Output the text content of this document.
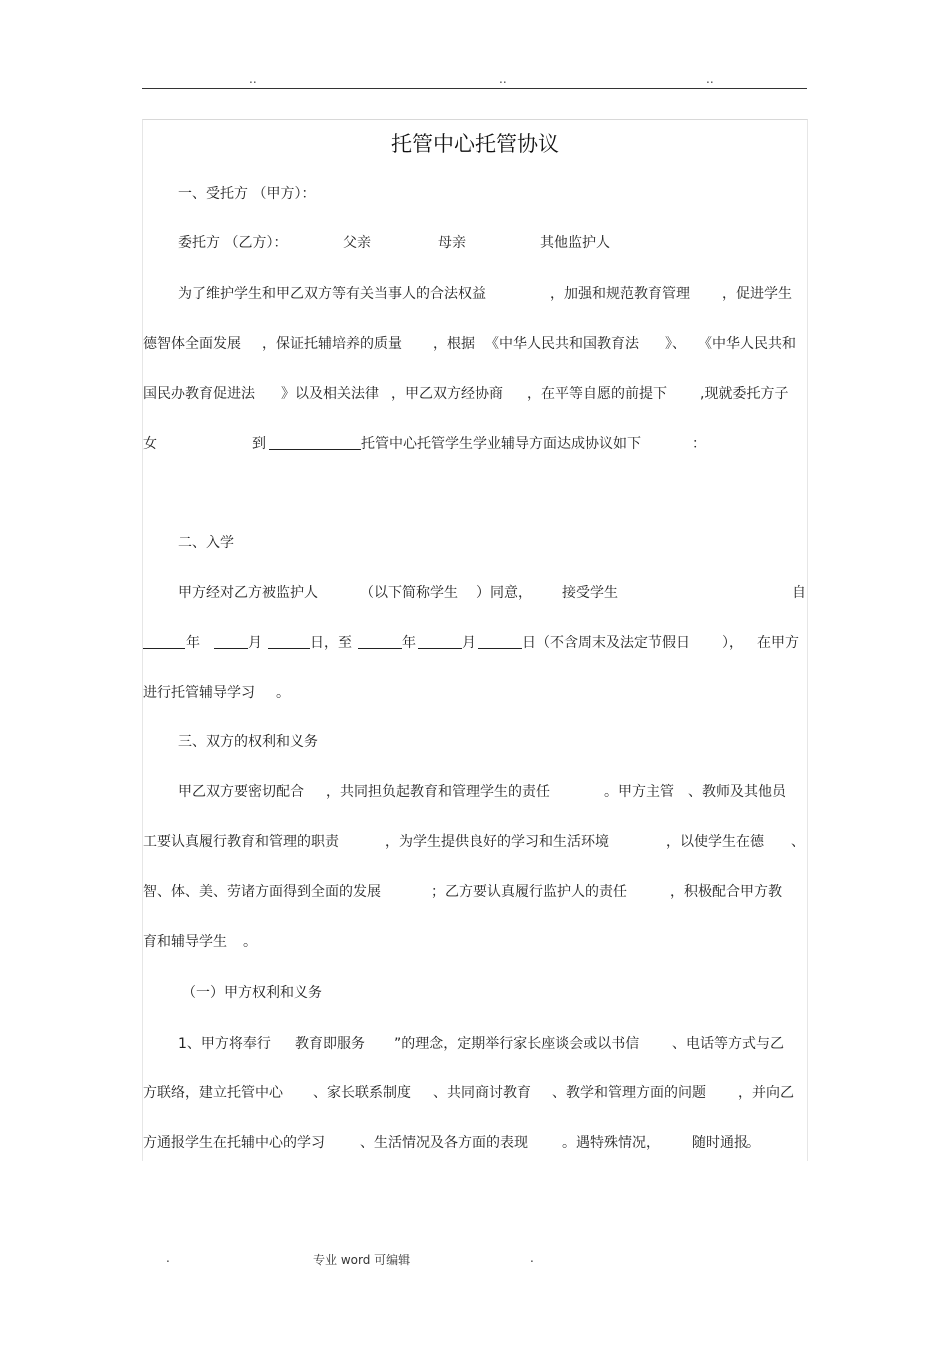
..	..	..
托管中心托管协议
一、受托方 （甲方）：
委托方 （乙方）：	父亲	母亲	其他监护人
为了维护学生和甲乙双方等有关当事人的合法权益	，加强和规范教育管理 ，促进学生
德智体全面发展 ，保证托辅培养的质量 ，根据 《中华人民共和国教育法 》、 《中华人民共和
国民办教育促进法 》以及相关法律 ，甲乙双方经协商 ，在平等自愿的前提下 ,现就委托方子
女	到	托管中心托管学生学业辅导方面达成协议如下	：
二、入学
甲方经对乙方被监护人	（以下简称学生 ）同意， 接受学生	自
年	月	日，至	年	月	日（不含周末及法定节假日 ）， 在甲方
进行托管辅导学习 。
三、双方的权利和义务
甲乙双方要密切配合 ，共同担负起教育和管理学生的责任	。甲方主管 、教师及其他员
工要认真履行教育和管理的职责	，为学生提供良好的学习和生活环境	，以使学生在德 、
智、体、美、劳诸方面得到全面的发展	；乙方要认真履行监护人的责任	，积极配合甲方教
育和辅导学生 。
（一）甲方权利和义务
1、甲方将奉行 教育即服务 ”的理念，定期举行家长座谈会或以书信 、电话等方式与乙
方联络，建立托管中心 、家长联系制度 、共同商讨教育 、教学和管理方面的问题 ，并向乙
方通报学生在托辅中心的学习	、生活情况及各方面的表现 。遇特殊情况， 随时通报
。
.	专业 word 可编辑	.
